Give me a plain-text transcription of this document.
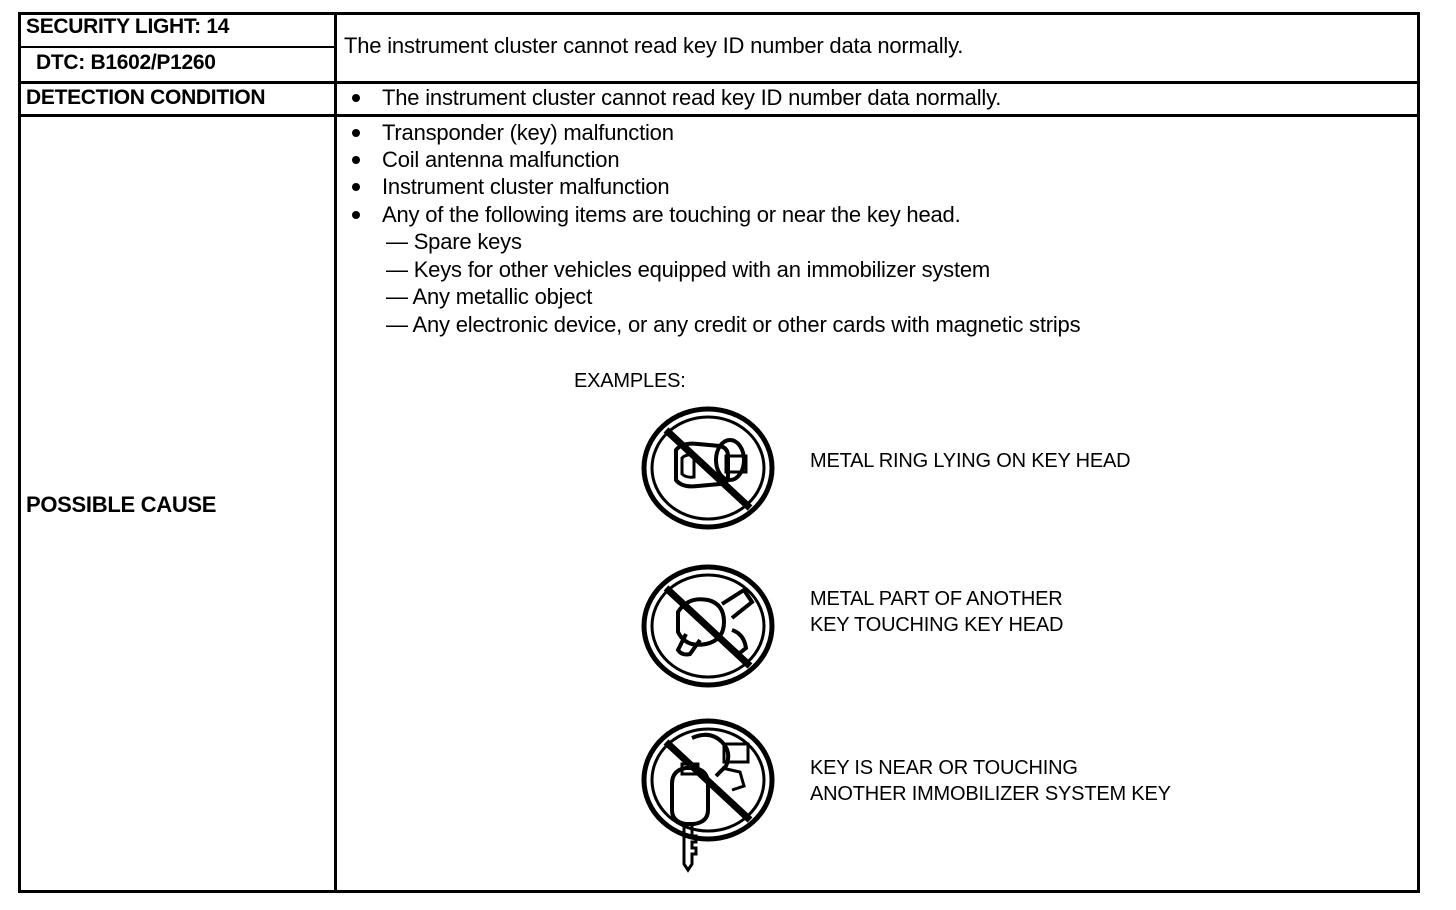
SECURITY LIGHT: 14
DTC: B1602/P1260
The instrument cluster cannot read key ID number data normally.
DETECTION CONDITION	The instrument cluster cannot read key ID number data normally.
POSSIBLE CAUSE
Transponder (key) malfunction
Coil antenna malfunction
Instrument cluster malfunction
Any of the following items are touching or near the key head.
— Spare keys
— Keys for other vehicles equipped with an immobilizer system
— Any metallic object
— Any electronic device, or any credit or other cards with magnetic strips
EXAMPLES:
METAL RING LYING ON KEY HEAD
METAL PART OF ANOTHER
KEY TOUCHING KEY HEAD
KEY IS NEAR OR TOUCHING
ANOTHER IMMOBILIZER SYSTEM KEY
